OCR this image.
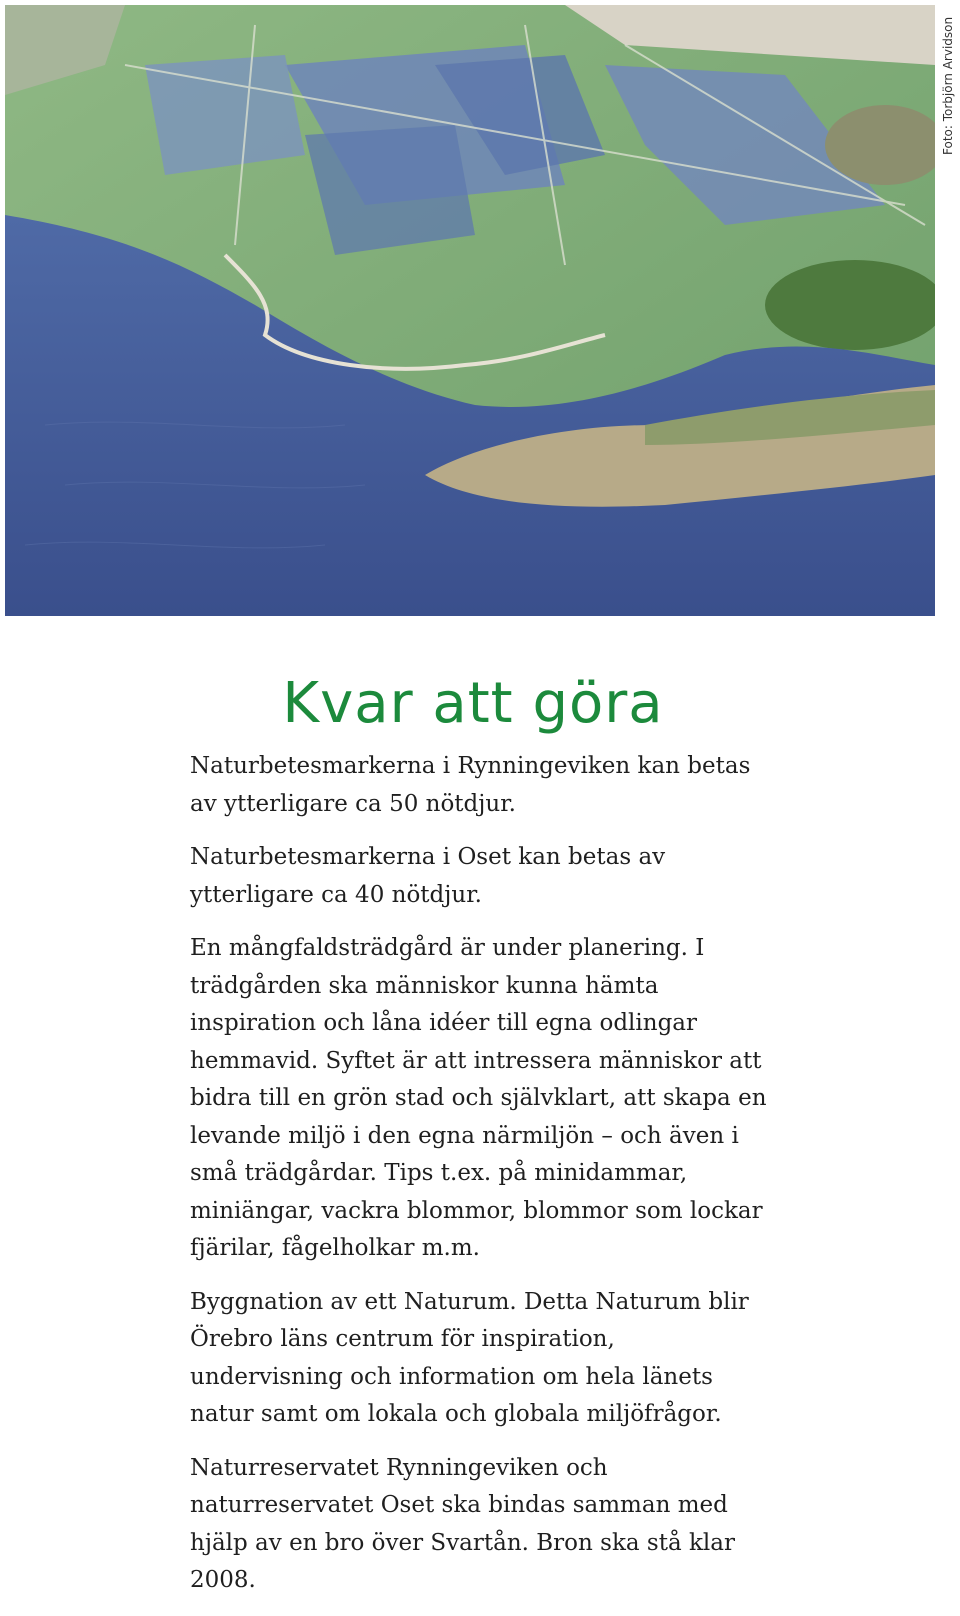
Foto: Torbjörn Arvidson
Kvar att göra

Naturbetesmarkerna i Rynningeviken kan betas av ytterligare ca 50 nötdjur.

Naturbetesmarkerna i Oset kan betas av ytterligare ca 40 nötdjur.

En mångfaldsträdgård är under planering. I trädgården ska människor kunna hämta inspiration och låna idéer till egna odlingar hemmavid. Syftet är att intressera människor att bidra till en grön stad och självklart, att skapa en levande miljö i den egna närmiljön – och även i små trädgårdar. Tips t.ex. på minidammar, miniängar, vackra blommor, blommor som lockar fjärilar, fågelholkar m.m.

Byggnation av ett Naturum. Detta Naturum blir Örebro läns centrum för inspiration, undervisning och information om hela länets natur samt om lokala och globala miljöfrågor.

Naturreservatet Rynningeviken och naturreservatet Oset ska bindas samman med hjälp av en bro över Svartån. Bron ska stå klar 2008.
